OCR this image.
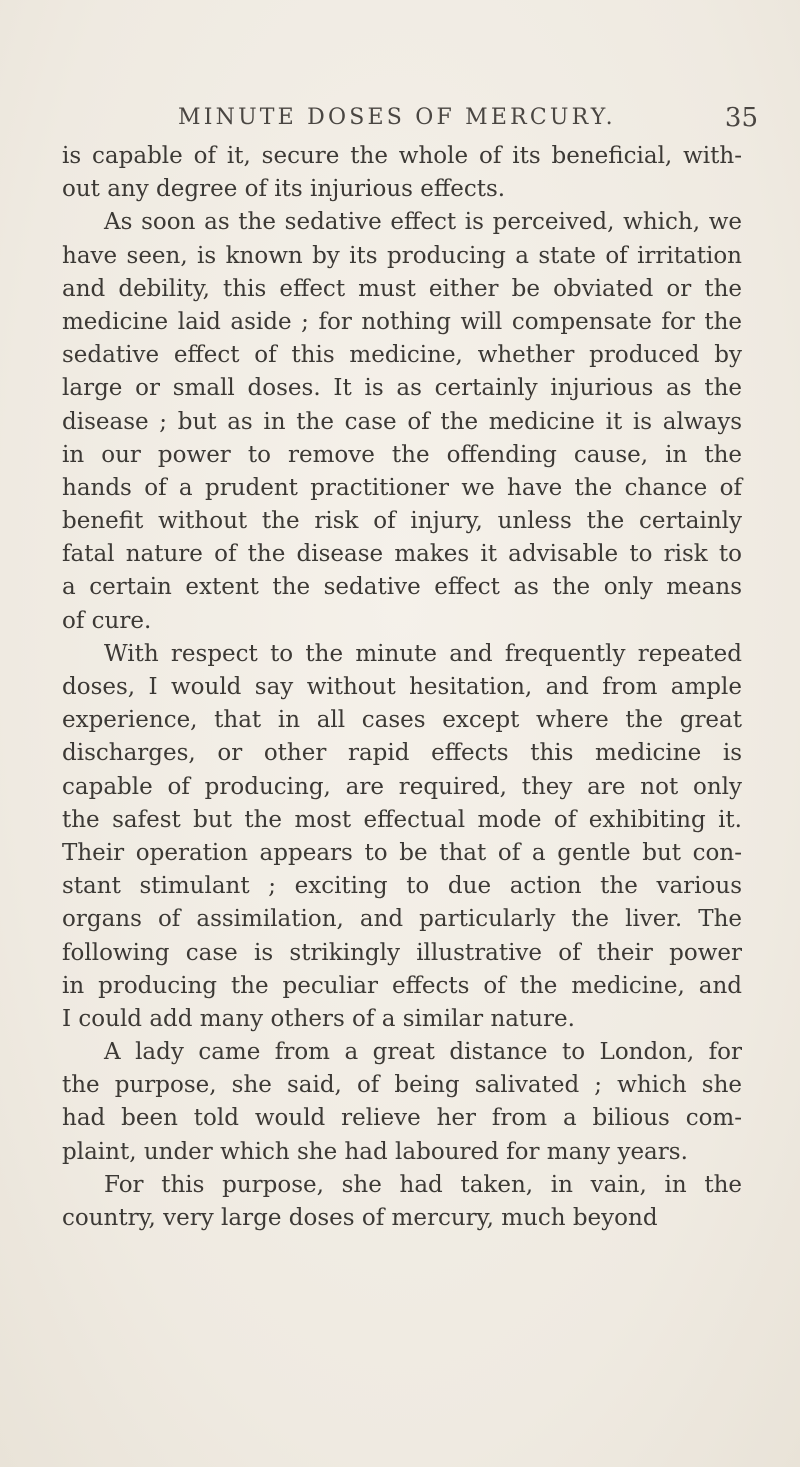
MINUTE DOSES OF MERCURY.	35
is capable of it, secure the whole of its beneficial, with-
out any degree of its injurious effects.
As soon as the sedative effect is perceived, which, we
have seen, is known by its producing a state of irritation
and debility, this effect must either be obviated or the
medicine laid aside ; for nothing will compensate for the
sedative effect of this medicine, whether produced by
large or small doses. It is as certainly injurious as the
disease ; but as in the case of the medicine it is always
in our power to remove the offending cause, in the
hands of a prudent practitioner we have the chance of
benefit without the risk of injury, unless the certainly
fatal nature of the disease makes it advisable to risk to
a certain extent the sedative effect as the only means
of cure.
With respect to the minute and frequently repeated
doses, I would say without hesitation, and from ample
experience, that in all cases except where the great
discharges, or other rapid effects this medicine is
capable of producing, are required, they are not only
the safest but the most effectual mode of exhibiting it.
Their operation appears to be that of a gentle but con-
stant stimulant ; exciting to due action the various
organs of assimilation, and particularly the liver. The
following case is strikingly illustrative of their power
in producing the peculiar effects of the medicine, and
I could add many others of a similar nature.
A lady came from a great distance to London, for
the purpose, she said, of being salivated ; which she
had been told would relieve her from a bilious com-
plaint, under which she had laboured for many years.
For this purpose, she had taken, in vain, in the
country, very large doses of mercury, much beyond
